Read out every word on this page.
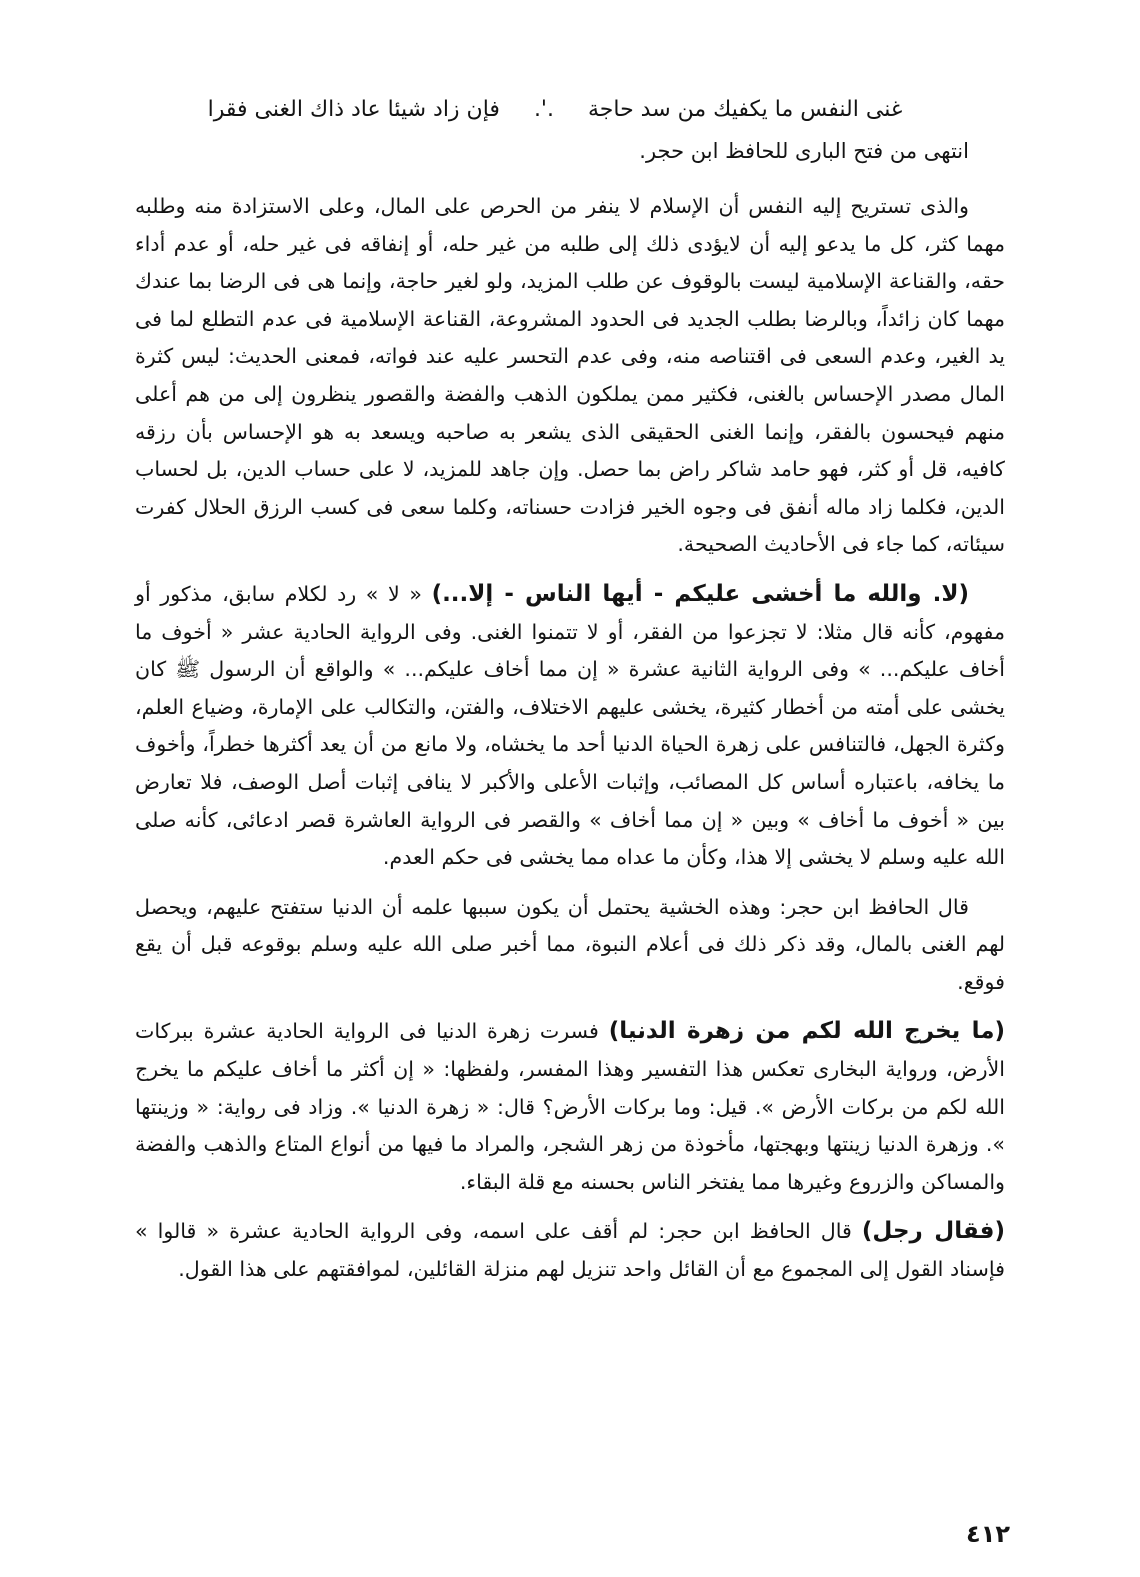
غنى النفس ما يكفيك من سد حاجة
.'.
فإن زاد شيئا عاد ذاك الغنى فقرا

انتهى من فتح البارى للحافظ ابن حجر.

والذى تستريح إليه النفس أن الإسلام لا ينفر من الحرص على المال، وعلى الاستزادة منه وطلبه مهما كثر، كل ما يدعو إليه أن لايؤدى ذلك إلى طلبه من غير حله، أو إنفاقه فى غير حله، أو عدم أداء حقه، والقناعة الإسلامية ليست بالوقوف عن طلب المزيد، ولو لغير حاجة، وإنما هى فى الرضا بما عندك مهما كان زائداً، وبالرضا بطلب الجديد فى الحدود المشروعة، القناعة الإسلامية فى عدم التطلع لما فى يد الغير، وعدم السعى فى اقتناصه منه، وفى عدم التحسر عليه عند فواته، فمعنى الحديث: ليس كثرة المال مصدر الإحساس بالغنى، فكثير ممن يملكون الذهب والفضة والقصور ينظرون إلى من هم أعلى منهم فيحسون بالفقر، وإنما الغنى الحقيقى الذى يشعر به صاحبه ويسعد به هو الإحساس بأن رزقه كافيه، قل أو كثر، فهو حامد شاكر راض بما حصل. وإن جاهد للمزيد، لا على حساب الدين، بل لحساب الدين، فكلما زاد ماله أنفق فى وجوه الخير فزادت حسناته، وكلما سعى فى كسب الرزق الحلال كفرت سيئاته، كما جاء فى الأحاديث الصحيحة.

(لا. والله ما أخشى عليكم - أيها الناس - إلا...) « لا » رد لكلام سابق، مذكور أو مفهوم، كأنه قال مثلا: لا تجزعوا من الفقر، أو لا تتمنوا الغنى. وفى الرواية الحادية عشر « أخوف ما أخاف عليكم... » وفى الرواية الثانية عشرة « إن مما أخاف عليكم... » والواقع أن الرسول ﷺ كان يخشى على أمته من أخطار كثيرة، يخشى عليهم الاختلاف، والفتن، والتكالب على الإمارة، وضياع العلم، وكثرة الجهل، فالتنافس على زهرة الحياة الدنيا أحد ما يخشاه، ولا مانع من أن يعد أكثرها خطراً، وأخوف ما يخافه، باعتباره أساس كل المصائب، وإثبات الأعلى والأكبر لا ينافى إثبات أصل الوصف، فلا تعارض بين « أخوف ما أخاف » وبين « إن مما أخاف » والقصر فى الرواية العاشرة قصر ادعائى، كأنه صلى الله عليه وسلم لا يخشى إلا هذا، وكأن ما عداه مما يخشى فى حكم العدم.

قال الحافظ ابن حجر: وهذه الخشية يحتمل أن يكون سببها علمه أن الدنيا ستفتح عليهم، ويحصل لهم الغنى بالمال، وقد ذكر ذلك فى أعلام النبوة، مما أخبر صلى الله عليه وسلم بوقوعه قبل أن يقع فوقع.

(ما يخرج الله لكم من زهرة الدنيا) فسرت زهرة الدنيا فى الرواية الحادية عشرة ببركات الأرض، ورواية البخارى تعكس هذا التفسير وهذا المفسر، ولفظها: « إن أكثر ما أخاف عليكم ما يخرج الله لكم من بركات الأرض ». قيل: وما بركات الأرض؟ قال: « زهرة الدنيا ». وزاد فى رواية: « وزينتها ». وزهرة الدنيا زينتها وبهجتها، مأخوذة من زهر الشجر، والمراد ما فيها من أنواع المتاع والذهب والفضة والمساكن والزروع وغيرها مما يفتخر الناس بحسنه مع قلة البقاء.

(فقال رجل) قال الحافظ ابن حجر: لم أقف على اسمه، وفى الرواية الحادية عشرة « قالوا » فإسناد القول إلى المجموع مع أن القائل واحد تنزيل لهم منزلة القائلين، لموافقتهم على هذا القول.

٤١٢
